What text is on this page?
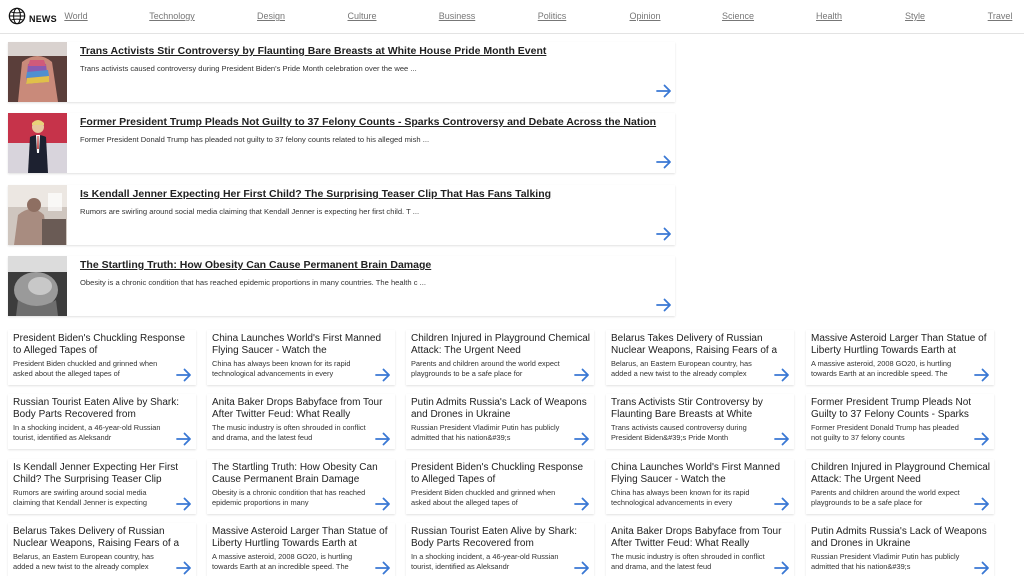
NEWS World	Technology	Design	Culture	Business	Politics	Opinion	Science	Health	Style	Travel
Trans Activists Stir Controversy by Flaunting Bare Breasts at White House Pride Month Event
Trans activists caused controversy during President Biden's Pride Month celebration over the wee ...
Former President Trump Pleads Not Guilty to 37 Felony Counts - Sparks Controversy and Debate Across the Nation
Former President Donald Trump has pleaded not guilty to 37 felony counts related to his alleged mish ...
Is Kendall Jenner Expecting Her First Child? The Surprising Teaser Clip That Has Fans Talking
Rumors are swirling around social media claiming that Kendall Jenner is expecting her first child. T ...
The Startling Truth: How Obesity Can Cause Permanent Brain Damage
Obesity is a chronic condition that has reached epidemic proportions in many countries. The health c ...
President Biden's Chuckling Response to Alleged Tapes of
President Biden chuckled and grinned when asked about the alleged tapes of
China Launches World's First Manned Flying Saucer - Watch the
China has always been known for its rapid technological advancements in every
Children Injured in Playground Chemical Attack: The Urgent Need
Parents and children around the world expect playgrounds to be a safe place for
Belarus Takes Delivery of Russian Nuclear Weapons, Raising Fears of a
Belarus, an Eastern European country, has added a new twist to the already complex
Massive Asteroid Larger Than Statue of Liberty Hurtling Towards Earth at
A massive asteroid, 2008 GO20, is hurtling towards Earth at an incredible speed. The
Russian Tourist Eaten Alive by Shark: Body Parts Recovered from
In a shocking incident, a 46-year-old Russian tourist, identified as Aleksandr
Anita Baker Drops Babyface from Tour After Twitter Feud: What Really
The music industry is often shrouded in conflict and drama, and the latest feud
Putin Admits Russia's Lack of Weapons and Drones in Ukraine
Russian President Vladimir Putin has publicly admitted that his nation&#39;s
Trans Activists Stir Controversy by Flaunting Bare Breasts at White
Trans activists caused controversy during President Biden&#39;s Pride Month
Former President Trump Pleads Not Guilty to 37 Felony Counts - Sparks
Former President Donald Trump has pleaded not guilty to 37 felony counts
Is Kendall Jenner Expecting Her First Child? The Surprising Teaser Clip
Rumors are swirling around social media claiming that Kendall Jenner is expecting
The Startling Truth: How Obesity Can Cause Permanent Brain Damage
Obesity is a chronic condition that has reached epidemic proportions in many
President Biden's Chuckling Response to Alleged Tapes of
President Biden chuckled and grinned when asked about the alleged tapes of
China Launches World's First Manned Flying Saucer - Watch the
China has always been known for its rapid technological advancements in every
Children Injured in Playground Chemical Attack: The Urgent Need
Parents and children around the world expect playgrounds to be a safe place for
Belarus Takes Delivery of Russian Nuclear Weapons, Raising Fears of a
Belarus, an Eastern European country, has added a new twist to the already complex
Massive Asteroid Larger Than Statue of Liberty Hurtling Towards Earth at
A massive asteroid, 2008 GO20, is hurtling towards Earth at an incredible speed. The
Russian Tourist Eaten Alive by Shark: Body Parts Recovered from
In a shocking incident, a 46-year-old Russian tourist, identified as Aleksandr
Anita Baker Drops Babyface from Tour After Twitter Feud: What Really
The music industry is often shrouded in conflict and drama, and the latest feud
Putin Admits Russia's Lack of Weapons and Drones in Ukraine
Russian President Vladimir Putin has publicly admitted that his nation&#39;s
